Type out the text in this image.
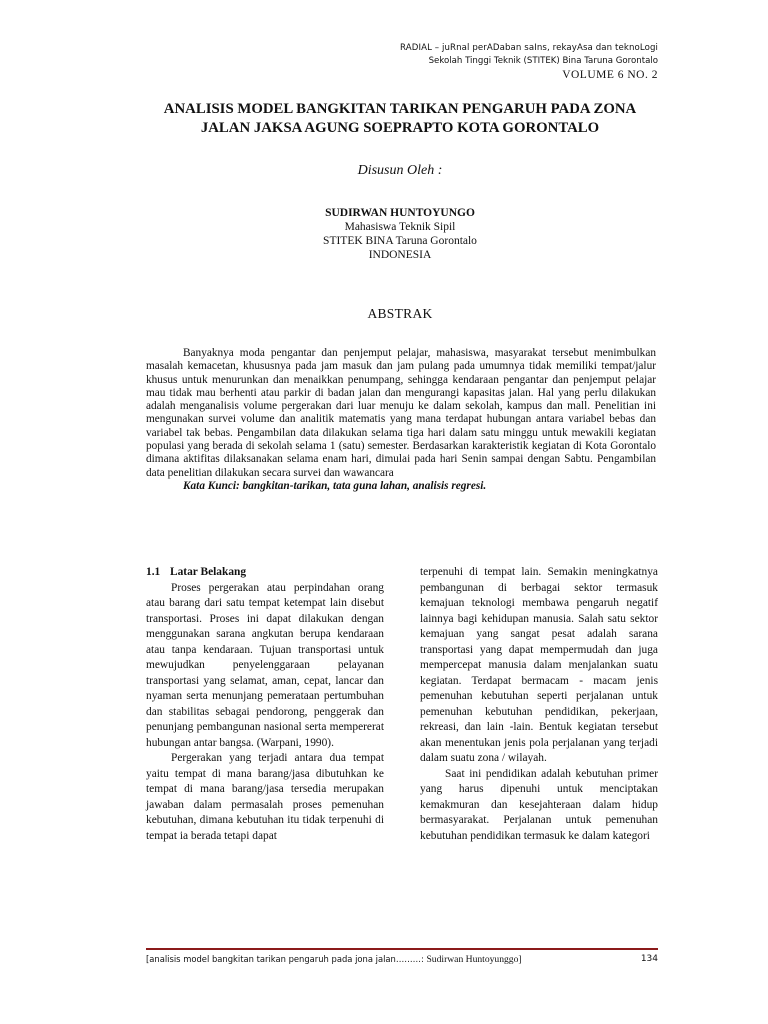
RADIAL – juRnal perADaban saIns, rekayAsa dan teknoLogi
Sekolah Tinggi Teknik (STITEK) Bina Taruna Gorontalo
VOLUME 6 NO. 2
ANALISIS MODEL BANGKITAN TARIKAN PENGARUH PADA ZONA
JALAN JAKSA AGUNG SOEPRAPTO KOTA GORONTALO
Disusun Oleh :
SUDIRWAN HUNTOYUNGO
Mahasiswa Teknik Sipil
STITEK BINA Taruna Gorontalo
INDONESIA
ABSTRAK

Banyaknya moda pengantar dan penjemput pelajar, mahasiswa, masyarakat tersebut menimbulkan masalah kemacetan, khususnya pada jam masuk dan jam pulang pada umumnya tidak memiliki tempat/jalur khusus untuk menurunkan dan menaikkan penumpang, sehingga kendaraan pengantar dan penjemput pelajar mau tidak mau berhenti atau parkir di badan jalan dan mengurangi kapasitas jalan. Hal yang perlu dilakukan adalah menganalisis volume pergerakan dari luar menuju ke dalam sekolah, kampus dan mall. Penelitian ini mengunakan survei volume dan analitik matematis yang mana terdapat hubungan antara variabel bebas dan variabel tak bebas. Pengambilan data dilakukan selama tiga hari dalam satu minggu untuk mewakili kegiatan populasi yang berada di sekolah selama 1 (satu) semester. Berdasarkan karakteristik kegiatan di Kota Gorontalo dimana aktifitas dilaksanakan selama enam hari, dimulai pada hari Senin sampai dengan Sabtu. Pengambilan data penelitian dilakukan secara survei dan wawancara

Kata Kunci: bangkitan-tarikan, tata guna lahan, analisis regresi.

1.1 Latar Belakang

Proses pergerakan atau perpindahan orang atau barang dari satu tempat ketempat lain disebut transportasi. Proses ini dapat dilakukan dengan menggunakan sarana angkutan berupa kendaraan atau tanpa kendaraan. Tujuan transportasi untuk mewujudkan penyelenggaraan pelayanan transportasi yang selamat, aman, cepat, lancar dan nyaman serta menunjang pemerataan pertumbuhan dan stabilitas sebagai pendorong, penggerak dan penunjang pembangunan nasional serta mempererat hubungan antar bangsa. (Warpani, 1990).

Pergerakan yang terjadi antara dua tempat yaitu tempat di mana barang/jasa dibutuhkan ke tempat di mana barang/jasa tersedia merupakan jawaban dalam permasalah proses pemenuhan kebutuhan, dimana kebutuhan itu tidak terpenuhi di tempat ia berada tetapi dapat

terpenuhi di tempat lain. Semakin meningkatnya pembangunan di berbagai sektor termasuk kemajuan teknologi membawa pengaruh negatif lainnya bagi kehidupan manusia. Salah satu sektor kemajuan yang sangat pesat adalah sarana transportasi yang dapat mempermudah dan juga mempercepat manusia dalam menjalankan suatu kegiatan. Terdapat bermacam - macam jenis pemenuhan kebutuhan seperti perjalanan untuk pemenuhan kebutuhan pendidikan, pekerjaan, rekreasi, dan lain -lain. Bentuk kegiatan tersebut akan menentukan jenis pola perjalanan yang terjadi dalam suatu zona / wilayah.

Saat ini pendidikan adalah kebutuhan primer yang harus dipenuhi untuk menciptakan kemakmuran dan kesejahteraan dalam hidup bermasyarakat. Perjalanan untuk pemenuhan kebutuhan pendidikan termasuk ke dalam kategori

[analisis model bangkitan tarikan pengaruh pada jona jalan………: Sudirwan Huntoyunggo]	134
